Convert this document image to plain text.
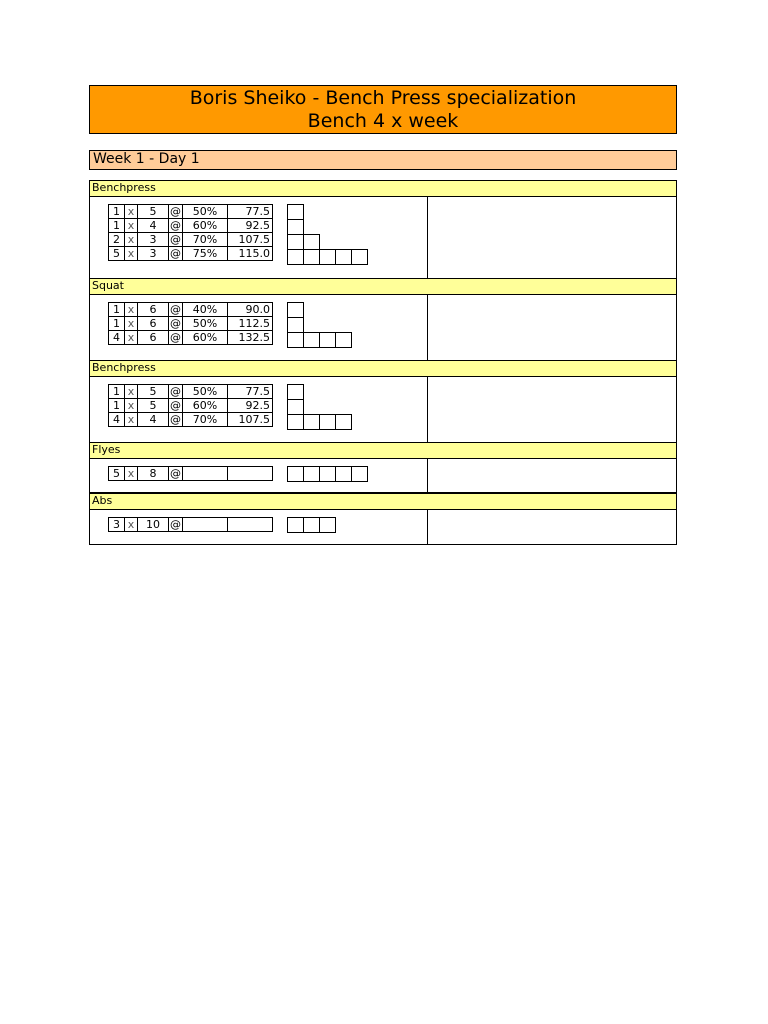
Boris Sheiko - Bench Press specialization
Bench 4 x week
Week 1 - Day 1
Benchpress
1	x	5	@	50%	77.5
1	x	4	@	60%	92.5
2	x	3	@	70%	107.5
5	x	3	@	75%	115.0
Squat
1	x	6	@	40%	90.0
1	x	6	@	50%	112.5
4	x	6	@	60%	132.5
Benchpress
1	x	5	@	50%	77.5
1	x	5	@	60%	92.5
4	x	4	@	70%	107.5
Flyes
5	x	8	@		
Abs
3	x	10	@		
